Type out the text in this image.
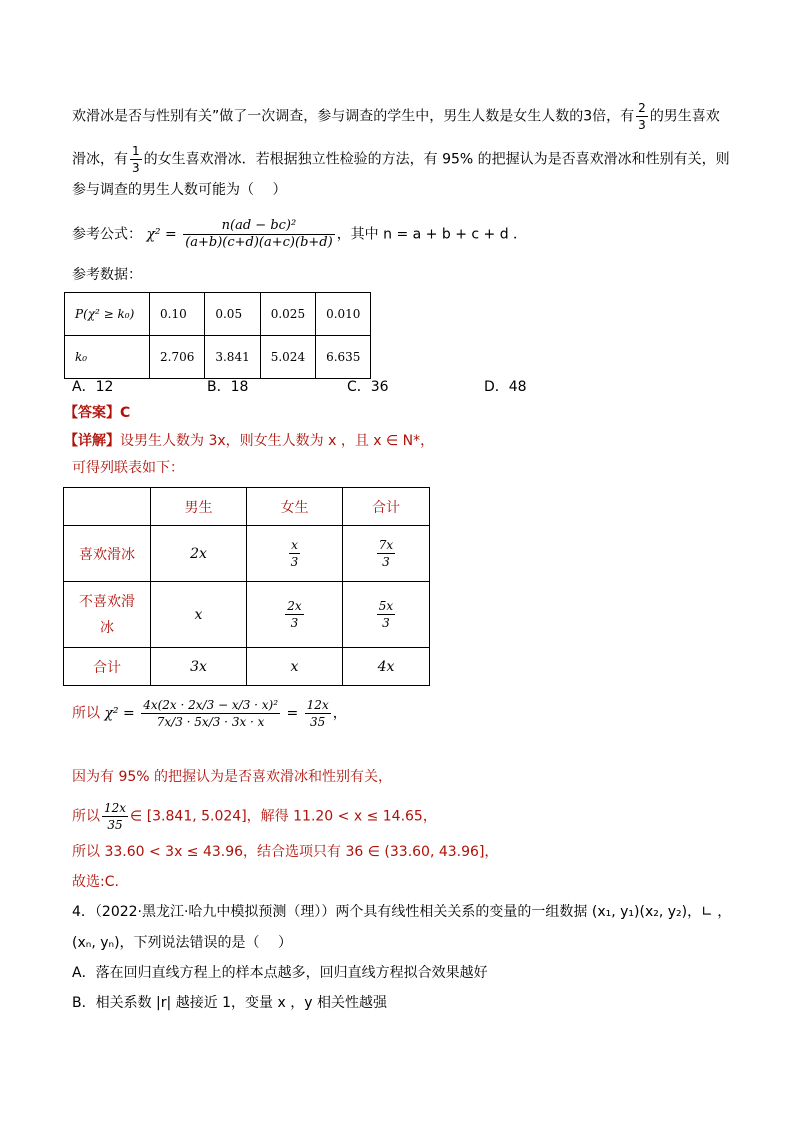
欢滑冰是否与性别有关”做了一次调查，参与调查的学生中，男生人数是女生人数的3倍，有 $\frac{2}{3}$ 的男生喜欢
滑冰，有 $\frac{1}{3}$ 的女生喜欢滑冰．若根据独立性检验的方法，有 95% 的把握认为是否喜欢滑冰和性别有关，则
参与调查的男生人数可能为（　 ）
参考公式： $\chi^2 = \frac{\text{n(ad − bc)²}}{(a+b)(c+d)(a+c)(b+d)}$ ，其中 n = a + b + c + d ．
参考数据：
P(χ² ≥ k₀)	0.10	0.05	0.025	0.010
k₀	2.706	3.841	5.024	6.635
A．12	B．18	C．36	D．48
【答案】C
【详解】设男生人数为 3x，则女生人数为 x ，且 x ∈ N*，
可得列联表如下：
	男生	女生	合计
喜欢滑冰	2x	$\frac{x}{3}$	$\frac{7x}{3}$

不喜欢滑
冰	x	$\frac{2x}{3}$	$\frac{5x}{3}$

合计	3x	x	4x
所以 $\chi^2 = \frac{\text{4x(2x · 2x/3 − x/3 · x)²}}{7x/3 \cdot 5x/3 \cdot 3x \cdot x} = \frac{12x}{35}$ ，
因为有 95% 的把握认为是否喜欢滑冰和性别有关，
所以 $\frac{12x}{35}$ ∈ [3.841, 5.024]，解得 11.20 < x ≤ 14.65，
所以 33.60 < 3x ≤ 43.96，结合选项只有 36 ∈ (33.60, 43.96]，
故选:C.
4．（2022·黑龙江·哈九中模拟预测（理））两个具有线性相关关系的变量的一组数据 (x₁, y₁)(x₂, y₂)，∟ ，
(xₙ, yₙ)，下列说法错误的是（　 ）
A．落在回归直线方程上的样本点越多，回归直线方程拟合效果越好
B．相关系数 |r| 越接近 1，变量 x ，y 相关性越强
